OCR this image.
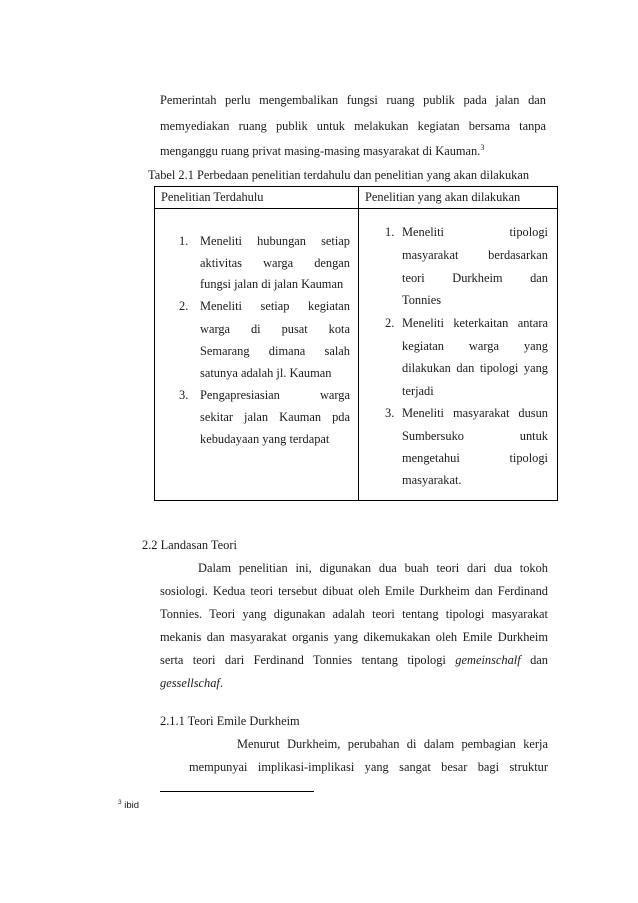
Pemerintah perlu mengembalikan fungsi ruang publik pada jalan dan
memyediakan ruang publik untuk melakukan kegiatan bersama tanpa
menganggu ruang privat masing-masing masyarakat di Kauman.$^3$
Tabel 2.1 Perbedaan penelitian terdahulu dan penelitian yang akan dilakukan
Penelitian Terdahulu	Penelitian yang akan dilakukan
1. Meneliti hubungan setiap
aktivitas warga dengan
fungsi jalan di jalan Kauman
2. Meneliti setiap kegiatan
warga di pusat kota
Semarang dimana salah
satunya adalah jl. Kauman
3. Pengapresiasian warga
sekitar jalan Kauman pda
kebudayaan yang terdapat
1. Meneliti tipologi
masyarakat berdasarkan
teori Durkheim dan
Tonnies
2. Meneliti keterkaitan antara
kegiatan warga yang
dilakukan dan tipologi yang
terjadi
3. Meneliti masyarakat dusun
Sumbersuko untuk
mengetahui tipologi
masyarakat.
2.2 Landasan Teori
Dalam penelitian ini, digunakan dua buah teori dari dua tokoh
sosiologi. Kedua teori tersebut dibuat oleh Emile Durkheim dan Ferdinand
Tonnies. Teori yang digunakan adalah teori tentang tipologi masyarakat
mekanis dan masyarakat organis yang dikemukakan oleh Emile Durkheim
serta teori dari Ferdinand Tonnies tentang tipologi gemeinschalf dan
gessellschaf.
2.1.1 Teori Emile Durkheim
Menurut Durkheim, perubahan di dalam pembagian kerja
mempunyai implikasi-implikasi yang sangat besar bagi struktur
$^3$ ibid
